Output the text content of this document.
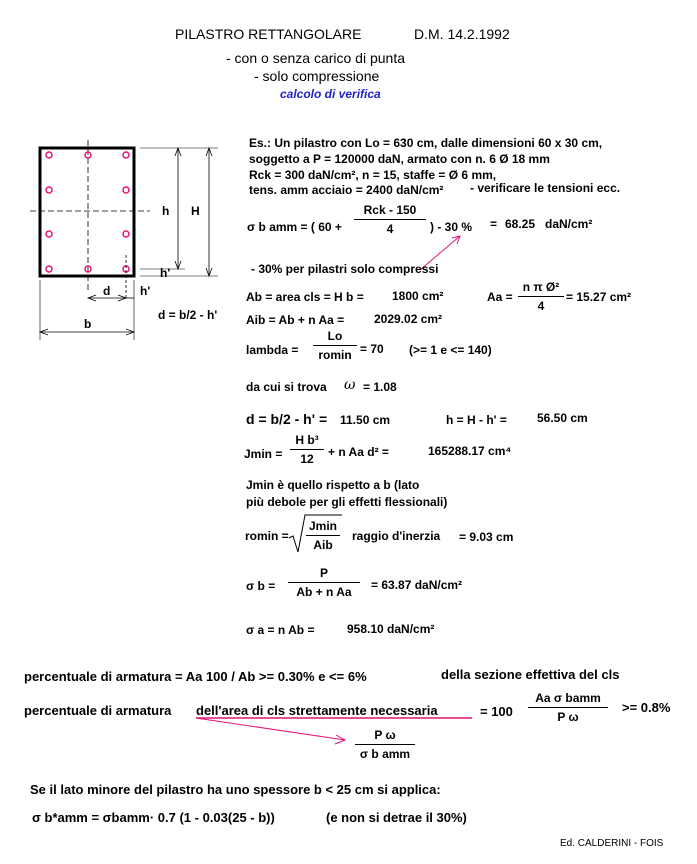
PILASTRO RETTANGOLARE	D.M. 14.2.1992
- con o senza carico di punta
- solo compressione
calcolo di verifica
h H
h'
d h'
b
d = b/2 - h'
Es.: Un pilastro con Lo = 630 cm, dalle dimensioni 60 x 30 cm,
soggetto a P = 120000 daN, armato con n. 6 Ø 18 mm
Rck = 300 daN/cm², n = 15, staffe = Ø 6 mm,
tens. amm acciaio = 2400 daN/cm² - verificare le tensioni ecc.
σ b amm = ( 60 +
Rck - 150
4	) - 30 % = 68.25 daN/cm²
- 30% per pilastri solo compressi
Ab = area cls = H b = 1800 cm²	Aa =
n π Ø²
4
= 15.27 cm²
Aib = Ab + n Aa = 2029.02 cm²
lambda =
Lo
romin = 70 (>= 1 e <= 140)
da cui si trova ω = 1.08
d = b/2 - h' = 11.50 cm	h = H - h' =	56.50 cm
Jmin =
H b³
12	+ n Aa d² =	165288.17 cm⁴
Jmin è quello rispetto a b (lato
più debole per gli effetti flessionali)
romin =
Jmin
Aib
raggio d'inerzia = 9.03 cm
σ b =
P
Ab + n Aa	= 63.87 daN/cm²
σ a = n Ab =	958.10 daN/cm²
percentuale di armatura = Aa 100 / Ab >= 0.30% e <= 6%	della sezione effettiva del cls
percentuale di armatura dell'area di cls strettamente necessaria	= 100
Aa σ bamm
P ω
>= 0.8%
P ω
σ b amm
Se il lato minore del pilastro ha uno spessore b < 25 cm si applica:
σ b*amm = σbamm· 0.7 (1 - 0.03(25 - b))	(e non si detrae il 30%)
Ed. CALDERINI - FOIS
